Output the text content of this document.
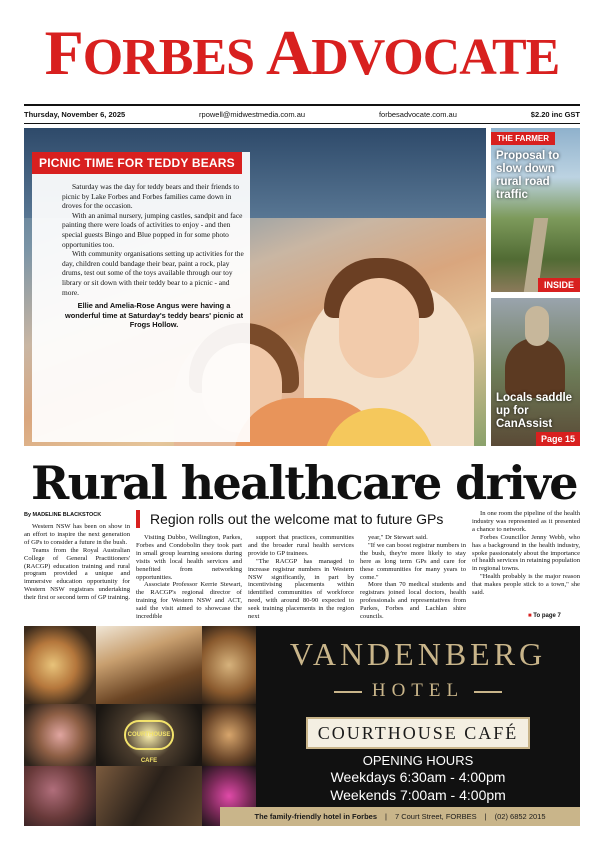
FORBES ADVOCATE
Thursday, November 6, 2025	rpowell@midwestmedia.com.au	forbesadvocate.com.au	$2.20 inc GST
PICNIC TIME FOR TEDDY BEARS

Saturday was the day for teddy bears and their friends to picnic by Lake Forbes and Forbes families came down in droves for the occasion.

With an animal nursery, jumping castles, sandpit and face painting there were loads of activities to enjoy - and then special guests Bingo and Blue popped in for some photo opportunities too.

With community organisations setting up activities for the day, children could bandage their bear, paint a rock, play drums, test out some of the toys available through our toy library or sit down with their teddy bear to a picnic - and more.

Ellie and Amelia-Rose Angus were having a wonderful time at Saturday's teddy bears' picnic at Frogs Hollow.

THE FARMER
Proposal to slow down rural road traffic
INSIDE
Locals saddle up for CanAssist
Page 15
Rural healthcare drive
By MADELINE BLACKSTOCK	Region rolls out the welcome mat to future GPs

Western NSW has been on show in an effort to inspire the next generation of GPs to consider a future in the bush.

Teams from the Royal Australian College of General Practitioners' (RACGP) education training and rural program provided a unique and immersive education opportunity for Western NSW registrars undertaking their first or second term of GP training.

Visiting Dubbo, Wellington, Parkes, Forbes and Condobolin they took part in small group learning sessions during visits with local health services and benefited from networking opportunities.

Associate Professor Kerrie Stewart, the RACGP's regional director of training for Western NSW and ACT, said the visit aimed to showcase the incredible

support that practices, communities and the broader rural health services provide to GP trainees.

"The RACGP has managed to increase registrar numbers in Western NSW significantly, in part by incentivising placements within identified communities of workforce need, with around 80-90 expected to seek training placements in the region next

year," Dr Stewart said.

"If we can boost registrar numbers in the bush, they're more likely to stay here as long term GPs and care for these communities for many years to come."

More than 70 medical students and registrars joined local doctors, health professionals and representatives from Parkes, Forbes and Lachlan shire councils.

In one room the pipeline of the health industry was represented as it presented a chance to network.

Forbes Councillor Jenny Webb, who has a background in the health industry, spoke passionately about the importance of health services in retaining population in regional towns.

"Health probably is the major reason that makes people stick to a town," she said.

■ To page 7
COURTHOUSE CAFE
VANDENBERG
HOTEL
COURTHOUSE CAFÉ
OPENING HOURS
Weekdays 6:30am - 4:00pm
Weekends 7:00am - 4:00pm
The family-friendly hotel in Forbes | 7 Court Street, FORBES | (02) 6852 2015
